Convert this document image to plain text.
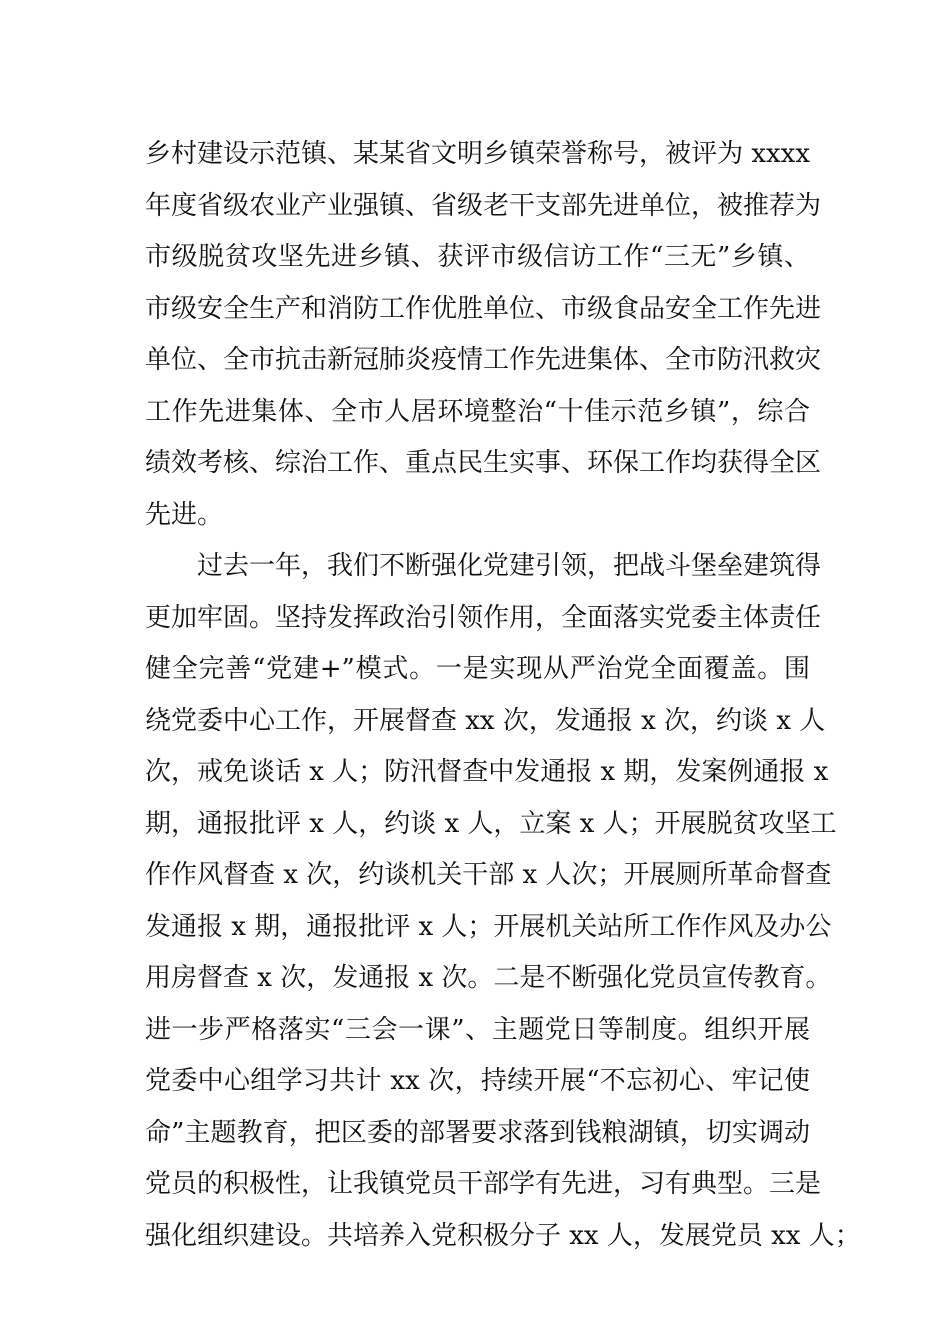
乡村建设示范镇、某某省文明乡镇荣誉称号，被评为 xxxx
年度省级农业产业强镇、省级老干支部先进单位，被推荐为
市级脱贫攻坚先进乡镇、获评市级信访工作“三无”乡镇、
市级安全生产和消防工作优胜单位、市级食品安全工作先进
单位、全市抗击新冠肺炎疫情工作先进集体、全市防汛救灾
工作先进集体、全市人居环境整治“十佳示范乡镇”，综合
绩效考核、综治工作、重点民生实事、环保工作均获得全区
先进。
过去一年，我们不断强化党建引领，把战斗堡垒建筑得
更加牢固。坚持发挥政治引领作用，全面落实党委主体责任
健全完善“党建+”模式。一是实现从严治党全面覆盖。围
绕党委中心工作，开展督查 xx 次，发通报 x 次，约谈 x 人
次，戒免谈话 x 人；防汛督查中发通报 x 期，发案例通报 x
期，通报批评 x 人，约谈 x 人，立案 x 人；开展脱贫攻坚工
作作风督查 x 次，约谈机关干部 x 人次；开展厕所革命督查
发通报 x 期，通报批评 x 人；开展机关站所工作作风及办公
用房督查 x 次，发通报 x 次。二是不断强化党员宣传教育。
进一步严格落实“三会一课”、主题党日等制度。组织开展
党委中心组学习共计 xx 次，持续开展“不忘初心、牢记使
命”主题教育，把区委的部署要求落到钱粮湖镇，切实调动
党员的积极性，让我镇党员干部学有先进，习有典型。三是
强化组织建设。共培养入党积极分子 xx 人，发展党员 xx 人；
